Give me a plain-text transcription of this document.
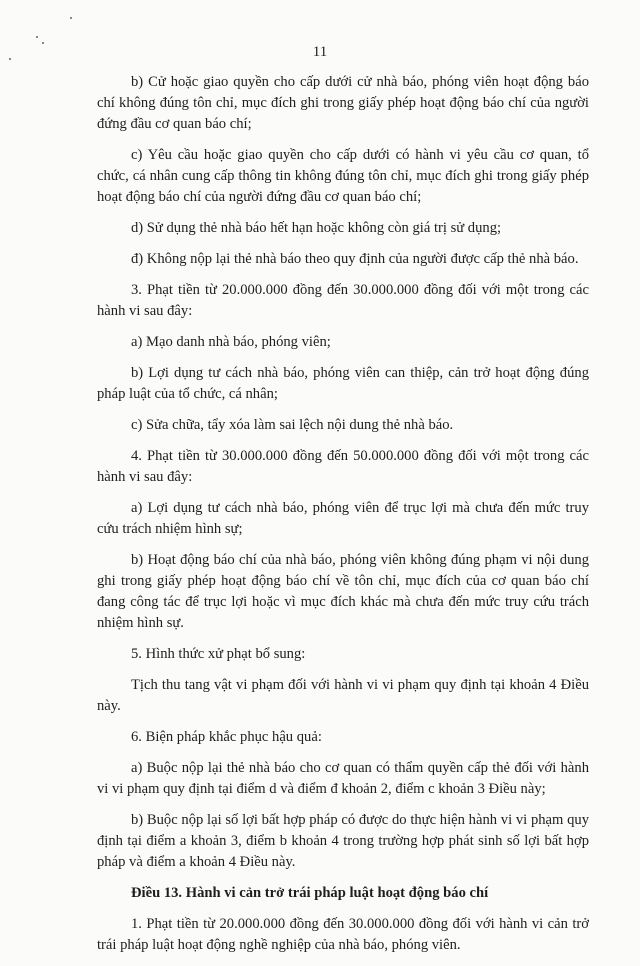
11

b) Cử hoặc giao quyền cho cấp dưới cử nhà báo, phóng viên hoạt động báo chí không đúng tôn chỉ, mục đích ghi trong giấy phép hoạt động báo chí của người đứng đầu cơ quan báo chí;

c) Yêu cầu hoặc giao quyền cho cấp dưới có hành vi yêu cầu cơ quan, tổ chức, cá nhân cung cấp thông tin không đúng tôn chỉ, mục đích ghi trong giấy phép hoạt động báo chí của người đứng đầu cơ quan báo chí;

d) Sử dụng thẻ nhà báo hết hạn hoặc không còn giá trị sử dụng;

đ) Không nộp lại thẻ nhà báo theo quy định của người được cấp thẻ nhà báo.

3. Phạt tiền từ 20.000.000 đồng đến 30.000.000 đồng đối với một trong các hành vi sau đây:

a) Mạo danh nhà báo, phóng viên;

b) Lợi dụng tư cách nhà báo, phóng viên can thiệp, cản trở hoạt động đúng pháp luật của tổ chức, cá nhân;

c) Sửa chữa, tẩy xóa làm sai lệch nội dung thẻ nhà báo.

4. Phạt tiền từ 30.000.000 đồng đến 50.000.000 đồng đối với một trong các hành vi sau đây:

a) Lợi dụng tư cách nhà báo, phóng viên để trục lợi mà chưa đến mức truy cứu trách nhiệm hình sự;

b) Hoạt động báo chí của nhà báo, phóng viên không đúng phạm vi nội dung ghi trong giấy phép hoạt động báo chí về tôn chỉ, mục đích của cơ quan báo chí đang công tác để trục lợi hoặc vì mục đích khác mà chưa đến mức truy cứu trách nhiệm hình sự.

5. Hình thức xử phạt bổ sung:

Tịch thu tang vật vi phạm đối với hành vi vi phạm quy định tại khoản 4 Điều này.

6. Biện pháp khắc phục hậu quả:

a) Buộc nộp lại thẻ nhà báo cho cơ quan có thẩm quyền cấp thẻ đối với hành vi vi phạm quy định tại điểm d và điểm đ khoản 2, điểm c khoản 3 Điều này;

b) Buộc nộp lại số lợi bất hợp pháp có được do thực hiện hành vi vi phạm quy định tại điểm a khoản 3, điểm b khoản 4 trong trường hợp phát sinh số lợi bất hợp pháp và điểm a khoản 4 Điều này.

Điều 13. Hành vi cản trở trái pháp luật hoạt động báo chí

1. Phạt tiền từ 20.000.000 đồng đến 30.000.000 đồng đối với hành vi cản trở trái pháp luật hoạt động nghề nghiệp của nhà báo, phóng viên.
